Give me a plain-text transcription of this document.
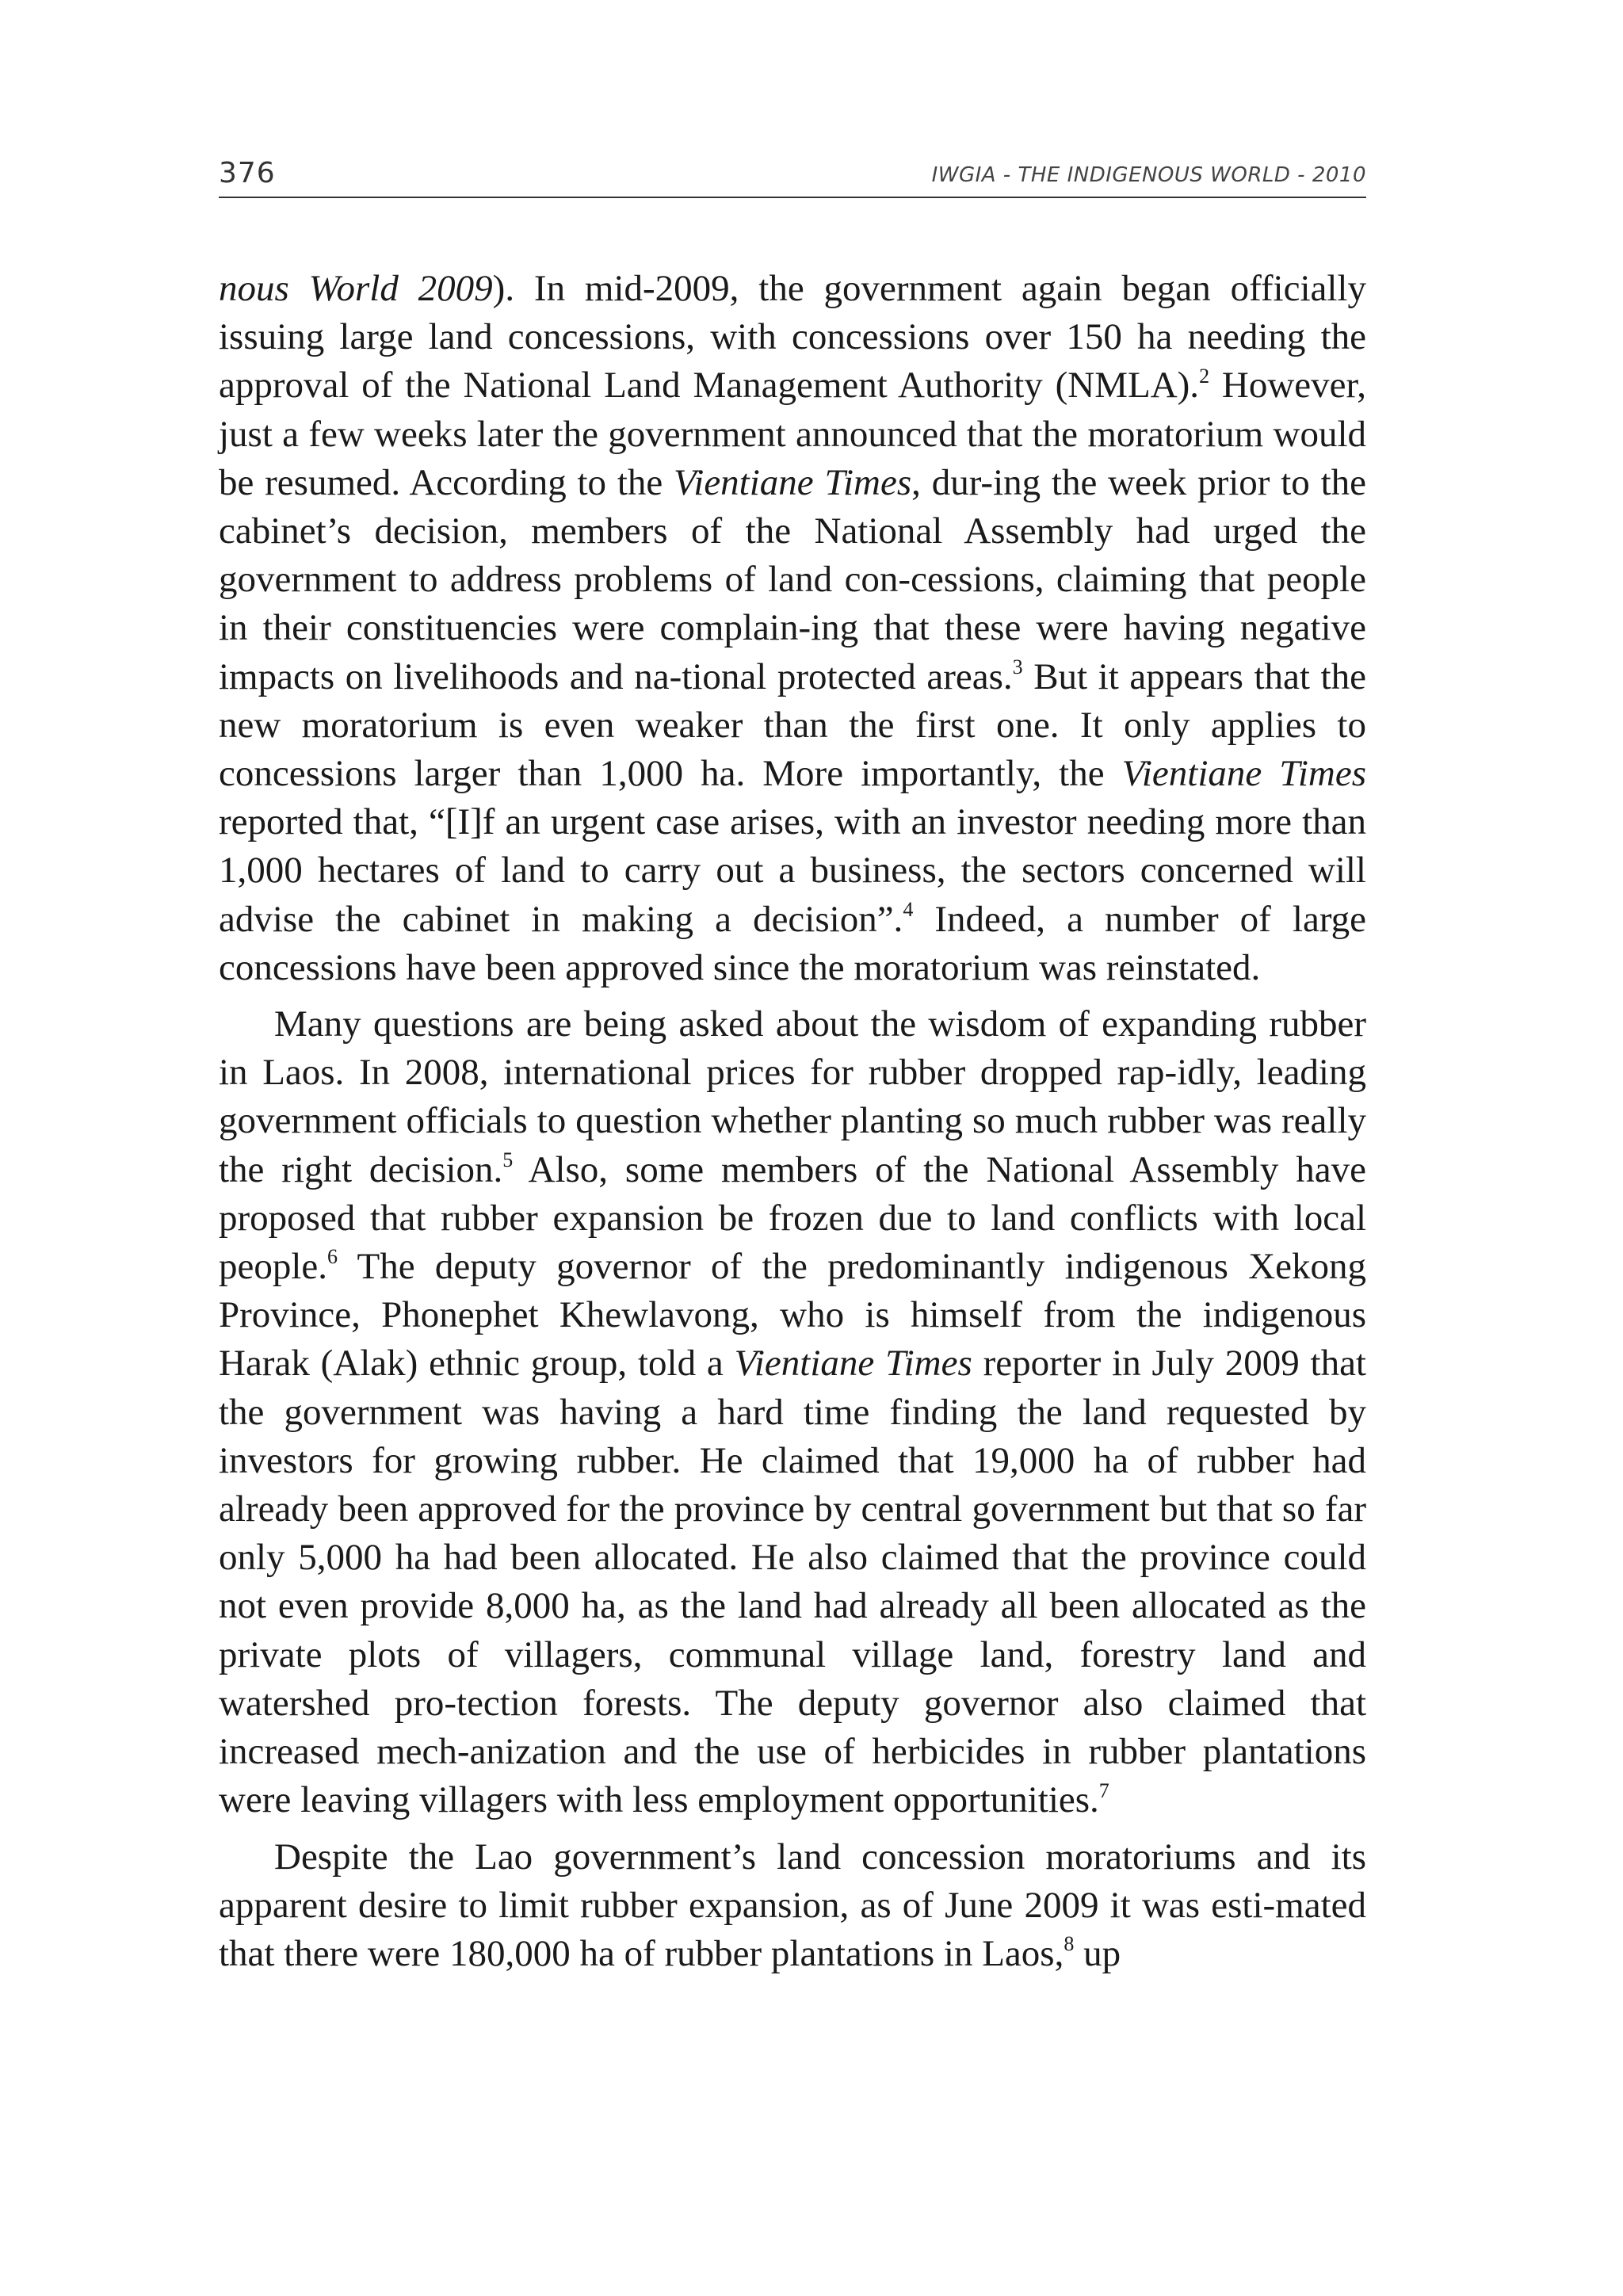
376	IWGIA - THE INDIGENOUS WORLD - 2010

nous World 2009). In mid-2009, the government again began officially issuing large land concessions, with concessions over 150 ha needing the approval of the National Land Management Authority (NMLA).$^2$ However, just a few weeks later the government announced that the moratorium would be resumed. According to the Vientiane Times, dur-ing the week prior to the cabinet’s decision, members of the National Assembly had urged the government to address problems of land con-cessions, claiming that people in their constituencies were complain-ing that these were having negative impacts on livelihoods and na-tional protected areas.$^3$ But it appears that the new moratorium is even weaker than the first one. It only applies to concessions larger than 1,000 ha. More importantly, the Vientiane Times reported that, “[I]f an urgent case arises, with an investor needing more than 1,000 hectares of land to carry out a business, the sectors concerned will advise the cabinet in making a decision”.$^4$ Indeed, a number of large concessions have been approved since the moratorium was reinstated.

Many questions are being asked about the wisdom of expanding rubber in Laos. In 2008, international prices for rubber dropped rap-idly, leading government officials to question whether planting so much rubber was really the right decision.$^5$ Also, some members of the National Assembly have proposed that rubber expansion be frozen due to land conflicts with local people.$^6$ The deputy governor of the predominantly indigenous Xekong Province, Phonephet Khewlavong, who is himself from the indigenous Harak (Alak) ethnic group, told a Vientiane Times reporter in July 2009 that the government was having a hard time finding the land requested by investors for growing rubber. He claimed that 19,000 ha of rubber had already been approved for the province by central government but that so far only 5,000 ha had been allocated. He also claimed that the province could not even provide 8,000 ha, as the land had already all been allocated as the private plots of villagers, communal village land, forestry land and watershed pro-tection forests. The deputy governor also claimed that increased mech-anization and the use of herbicides in rubber plantations were leaving villagers with less employment opportunities.$^7$

Despite the Lao government’s land concession moratoriums and its apparent desire to limit rubber expansion, as of June 2009 it was esti-mated that there were 180,000 ha of rubber plantations in Laos,$^8$ up
